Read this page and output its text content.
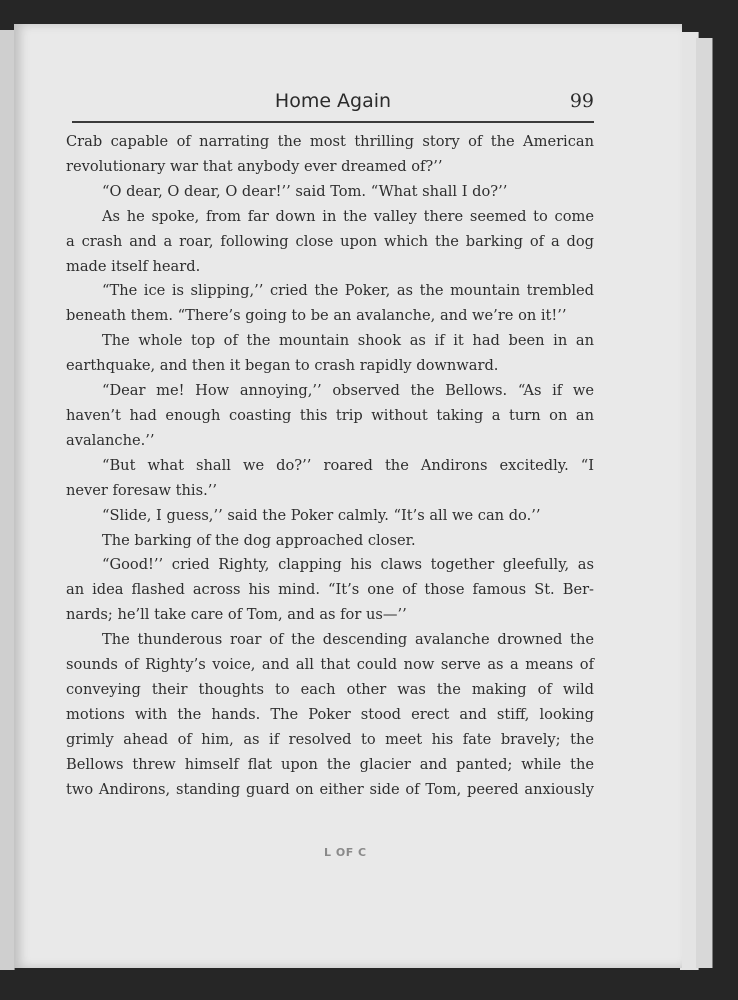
Home Again	99
Crab capable of narrating the most thrilling story of the American
revolutionary war that anybody ever dreamed of?’’
“O dear, O dear, O dear!’’ said Tom. “What shall I do?’’
As he spoke, from far down in the valley there seemed to come
a crash and a roar, following close upon which the barking of a dog
made itself heard.
“The ice is slipping,’’ cried the Poker, as the mountain trembled
beneath them. “There’s going to be an avalanche, and we’re on it!’’
The whole top of the mountain shook as if it had been in an
earthquake, and then it began to crash rapidly downward.
“Dear me! How annoying,’’ observed the Bellows. “As if we
haven’t had enough coasting this trip without taking a turn on an
avalanche.’’
“But what shall we do?’’ roared the Andirons excitedly. “I
never foresaw this.’’
“Slide, I guess,’’ said the Poker calmly. “It’s all we can do.’’
The barking of the dog approached closer.
“Good!’’ cried Righty, clapping his claws together gleefully, as
an idea flashed across his mind. “It’s one of those famous St. Ber-
nards; he’ll take care of Tom, and as for us—’’
The thunderous roar of the descending avalanche drowned the
sounds of Righty’s voice, and all that could now serve as a means of
conveying their thoughts to each other was the making of wild
motions with the hands. The Poker stood erect and stiff, looking
grimly ahead of him, as if resolved to meet his fate bravely; the
Bellows threw himself flat upon the glacier and panted; while the
two Andirons, standing guard on either side of Tom, peered anxiously
L OF C
